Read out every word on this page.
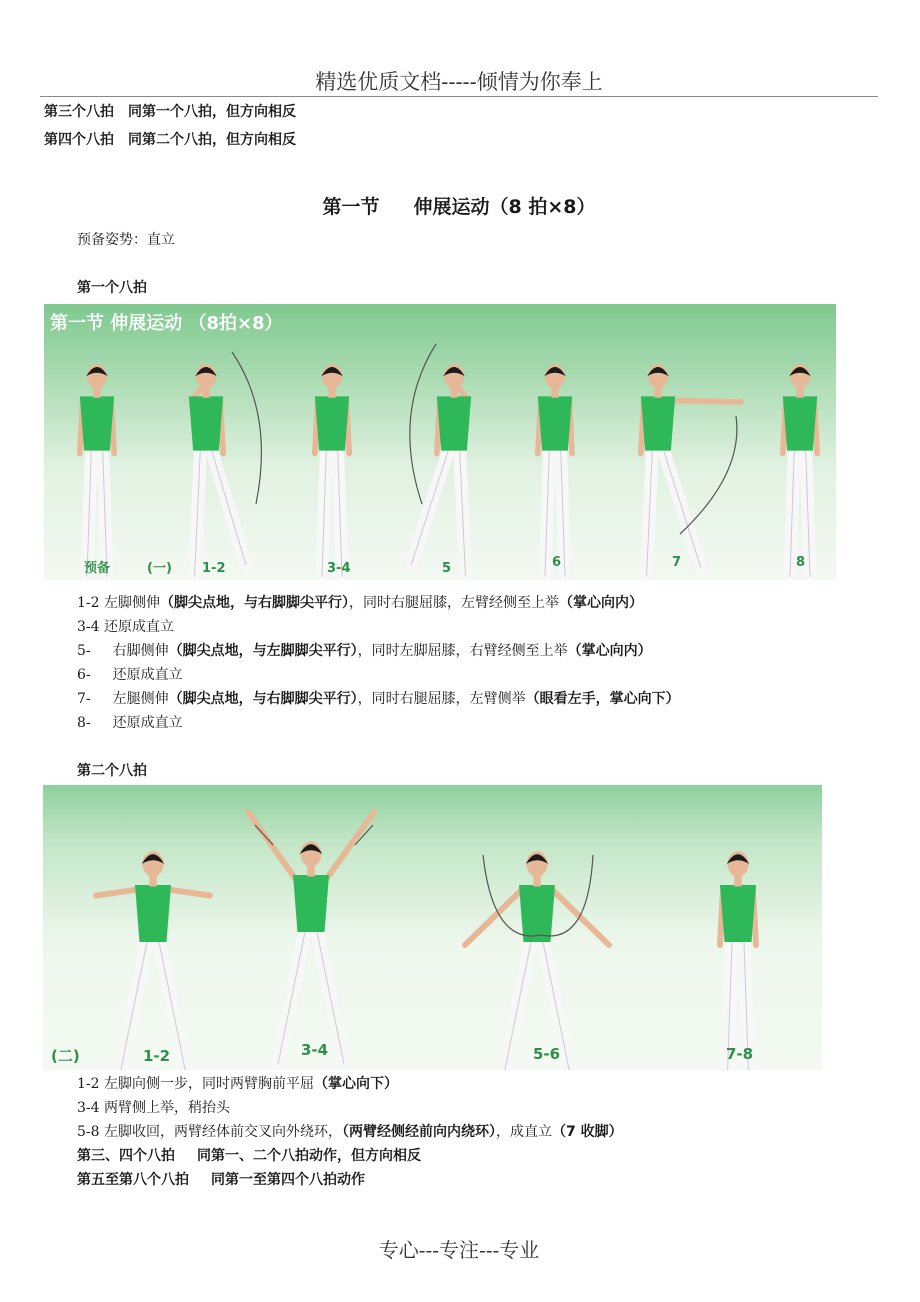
精选优质文档-----倾情为你奉上
第三个八拍 同第一个八拍，但方向相反
第四个八拍 同第二个八拍，但方向相反
第一节 伸展运动（8 拍×8）
预备姿势：直立
第一个八拍
第一节 伸展运动 （8拍×8）
预备	(一) 1-2	3-4	5	6	7	8
1-2 左脚侧伸（脚尖点地，与右脚脚尖平行），同时右腿屈膝，左臂经侧至上举（掌心向内）
3-4 还原成直立
5- 右脚侧伸（脚尖点地，与左脚脚尖平行），同时左脚屈膝，右臂经侧至上举（掌心向内）
6- 还原成直立
7- 左腿侧伸（脚尖点地，与右脚脚尖平行），同时右腿屈膝，左臂侧举（眼看左手，掌心向下）
8- 还原成直立
第二个八拍
(二)	1-2	3-4	5-6	7-8
1-2 左脚向侧一步，同时两臂胸前平屈（掌心向下）
3-4 两臂侧上举，稍抬头
5-8 左脚收回，两臂经体前交叉向外绕环，（两臂经侧经前向内绕环），成直立（7 收脚）
第三、四个八拍 同第一、二个八拍动作，但方向相反
第五至第八个八拍 同第一至第四个八拍动作
专心---专注---专业
